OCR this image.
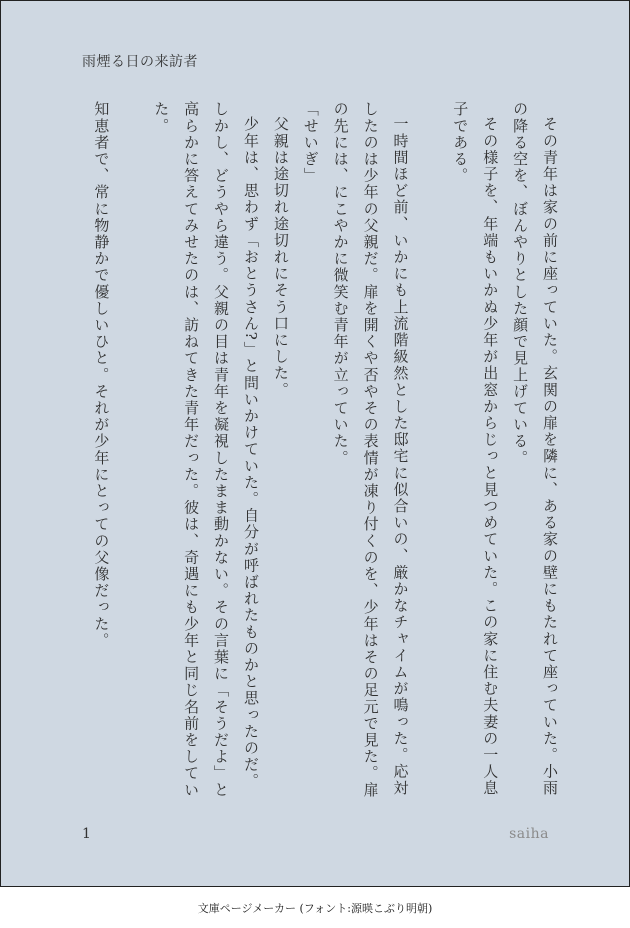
雨煙る日の来訪者

その青年は家の前に座っていた。玄関の扉を隣に、ある家の壁にもたれて座っていた。小雨の降る空を、ぼんやりとした顔で見上げている。

その様子を、年端もいかぬ少年が出窓からじっと見つめていた。この家に住む夫妻の一人息子である。

一時間ほど前、いかにも上流階級然とした邸宅に似合いの、厳かなチャイムが鳴った。応対したのは少年の父親だ。扉を開くや否やその表情が凍り付くのを、少年はその足元で見た。扉の先には、にこやかに微笑む青年が立っていた。

「せいぎ」

父親は途切れ途切れにそう口にした。

少年は、思わず「おとうさん?」と問いかけていた。自分が呼ばれたものかと思ったのだ。しかし、どうやら違う。父親の目は青年を凝視したまま動かない。その言葉に「そうだよ」と高らかに答えてみせたのは、訪ねてきた青年だった。彼は、奇遇にも少年と同じ名前をしていた。

知恵者で、常に物静かで優しいひと。それが少年にとっての父像だった。

1	saiha
文庫ページメーカー (フォント:源暎こぶり明朝)
